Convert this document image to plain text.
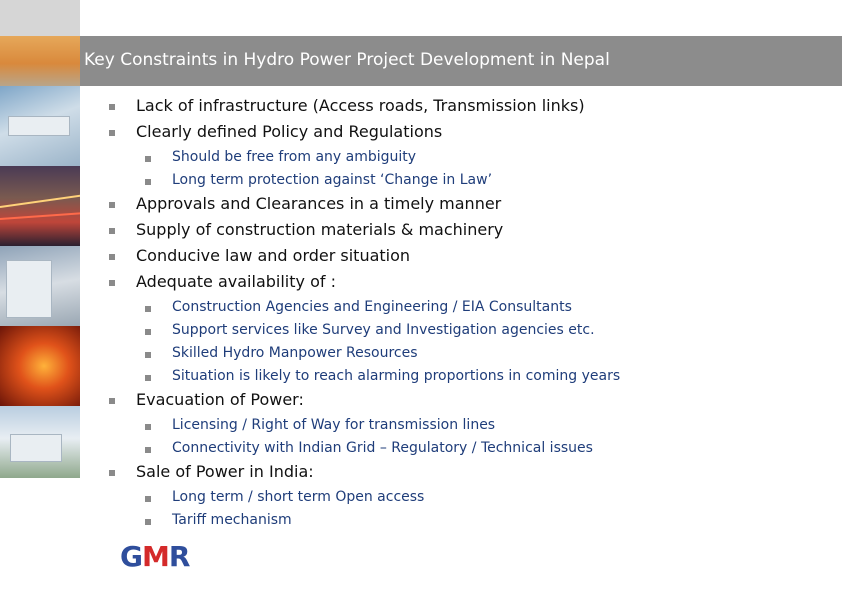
Key Constraints in Hydro Power Project Development in Nepal
Lack of infrastructure (Access roads, Transmission links)
Clearly defined Policy and Regulations
Should be free from any ambiguity
Long term protection against ‘Change in Law’
Approvals and Clearances in a timely manner
Supply of construction materials & machinery
Conducive law and order situation
Adequate availability of :
Construction Agencies and Engineering / EIA Consultants
Support services like Survey and Investigation agencies etc.
Skilled Hydro Manpower Resources
Situation is likely to reach alarming proportions in coming years
Evacuation of Power:
Licensing / Right of Way for transmission lines
Connectivity with Indian Grid – Regulatory / Technical issues
Sale of Power in India:
Long term / short term Open access
Tariff mechanism
GMR
